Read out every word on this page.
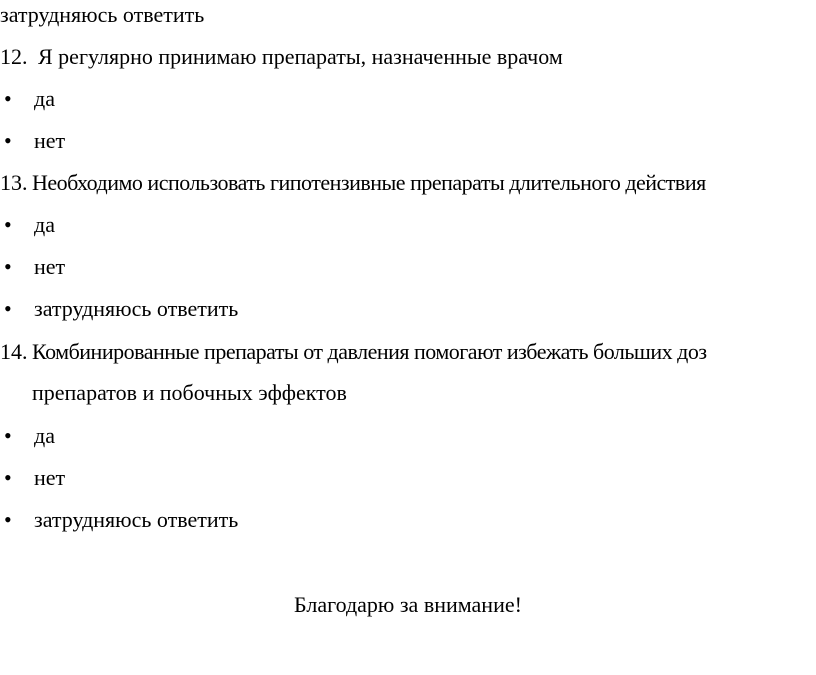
затрудняюсь ответить
12. Я регулярно принимаю препараты, назначенные врачом
• да
• нет
13. Необходимо использовать гипотензивные препараты длительного действия
• да
• нет
• затрудняюсь ответить
14. Комбинированные препараты от давления помогают избежать больших доз
препаратов и побочных эффектов
• да
• нет
• затрудняюсь ответить
Благодарю за внимание!
